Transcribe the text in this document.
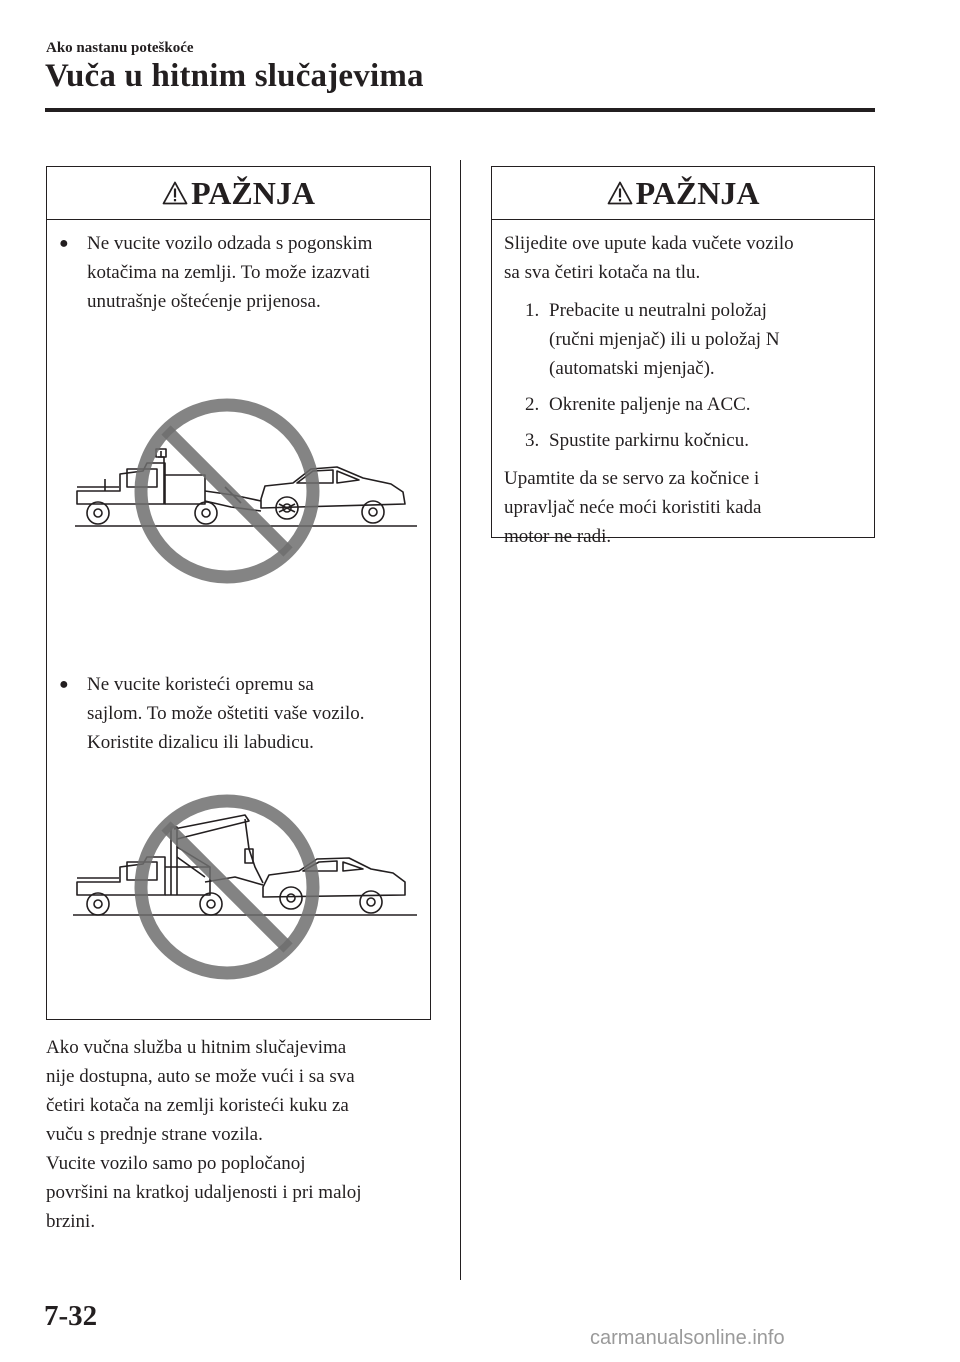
Ako nastanu poteškoće
Vuča u hitnim slučajevima
PAŽNJA
● Ne vucite vozilo odzada s pogonskim
kotačima na zemlji. To može izazvati
unutrašnje oštećenje prijenosa.
● Ne vucite koristeći opremu sa
sajlom. To može oštetiti vaše vozilo.
Koristite dizalicu ili labudicu.
PAŽNJA

Slijedite ove upute kada vučete vozilo

sa sva četiri kotača na tlu.

1. Prebacite u neutralni položaj
(ručni mjenjač) ili u položaj N
(automatski mjenjač).
2. Okrenite paljenje na ACC.
3. Spustite parkirnu kočnicu.

Upamtite da se servo za kočnice i

upravljač neće moći koristiti kada

motor ne radi.

Ako vučna služba u hitnim slučajevima
nije dostupna, auto se može vući i sa sva
četiri kotača na zemlji koristeći kuku za
vuču s prednje strane vozila.
Vucite vozilo samo po popločanoj
površini na kratkoj udaljenosti i pri maloj
brzini.
7-32
carmanualsonline.info
